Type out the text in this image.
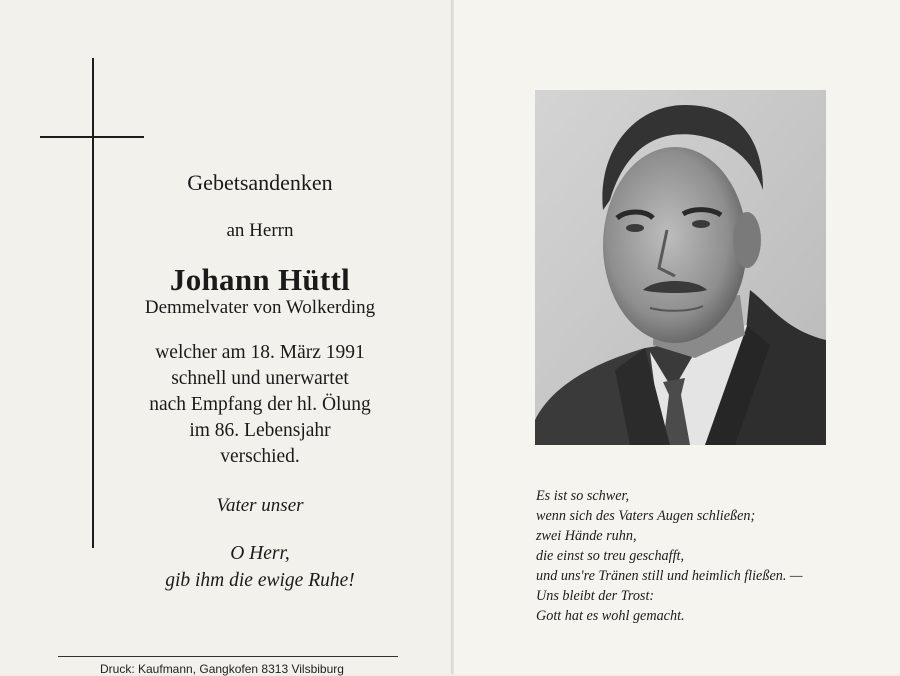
Gebetsandenken
an Herrn
Johann Hüttl
Demmelvater von Wolkerding
welcher am 18. März 1991
schnell und unerwartet
nach Empfang der hl. Ölung
im 86. Lebensjahr
verschied.
Vater unser
O Herr,
gib ihm die ewige Ruhe!
Druck: Kaufmann, Gangkofen 8313 Vilsbiburg
Es ist so schwer,
wenn sich des Vaters Augen schließen;
zwei Hände ruhn,
die einst so treu geschafft,
und uns're Tränen still und heimlich fließen. —
Uns bleibt der Trost:
Gott hat es wohl gemacht.
